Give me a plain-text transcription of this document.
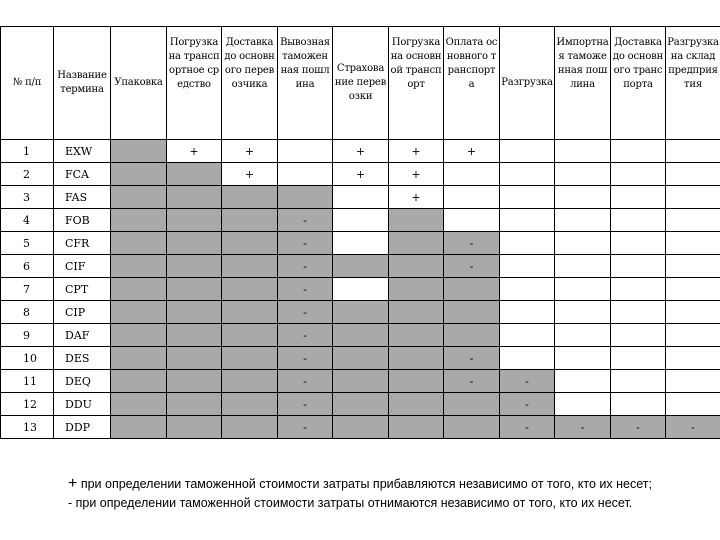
№ п/п	Название термина	Упаковка	Погрузка на транспортное средство	Доставка до основного перевозчика	Вывозная таможенная пошлина	Страхование перевозки	Погрузка на основной транспорт	Оплата основного транспорта	Разгрузка	Импортная таможенная пошлина	Доставка до основного транспорта	Разгрузка на склад предприятия
1	EXW		+	+		+	+	+				
2	FCA			+		+	+					
3	FAS						+					
4	FOB				-							
5	CFR				-			-				
6	CIF				-			-				
7	CPT				-							
8	CIP				-							
9	DAF				-							
10	DES				-			-				
11	DEQ				-			-	-			
12	DDU				-				-			
13	DDP				-				-	-	-	-
+ при определении таможенной стоимости затраты прибавляются независимо от того, кто их несет;
- при определении таможенной стоимости затраты отнимаются независимо от того, кто их несет.
